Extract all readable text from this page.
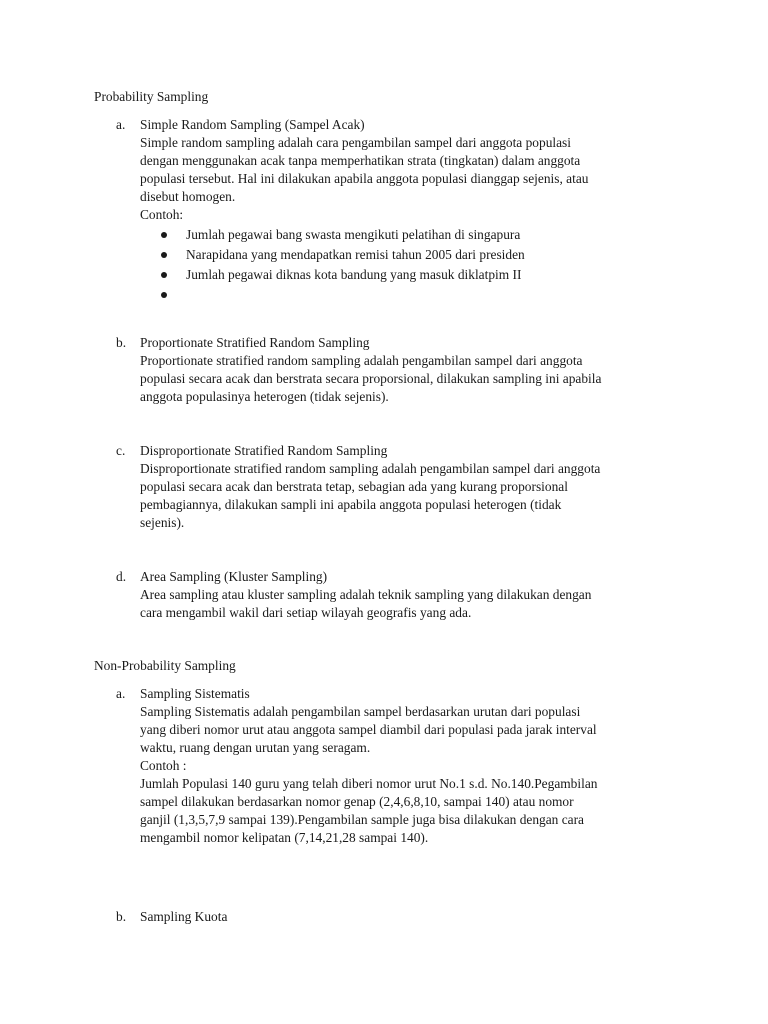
Probability Sampling
a. Simple Random Sampling (Sampel Acak)
Simple random sampling adalah cara pengambilan sampel dari anggota populasi
dengan menggunakan acak tanpa memperhatikan strata (tingkatan) dalam anggota
populasi tersebut. Hal ini dilakukan apabila anggota populasi dianggap sejenis, atau
disebut homogen.
Contoh:
Jumlah pegawai bang swasta mengikuti pelatihan di singapura
Narapidana yang mendapatkan remisi tahun 2005 dari presiden
Jumlah pegawai diknas kota bandung yang masuk diklatpim II
b. Proportionate Stratified Random Sampling
Proportionate stratified random sampling adalah pengambilan sampel dari anggota
populasi secara acak dan berstrata secara proporsional, dilakukan sampling ini apabila
anggota populasinya heterogen (tidak sejenis).
c. Disproportionate Stratified Random Sampling
Disproportionate stratified random sampling adalah pengambilan sampel dari anggota
populasi secara acak dan berstrata tetap, sebagian ada yang kurang proporsional
pembagiannya, dilakukan sampli ini apabila anggota populasi heterogen (tidak
sejenis).
d. Area Sampling (Kluster Sampling)
Area sampling atau kluster sampling adalah teknik sampling yang dilakukan dengan
cara mengambil wakil dari setiap wilayah geografis yang ada.
Non-Probability Sampling
a. Sampling Sistematis
Sampling Sistematis adalah pengambilan sampel berdasarkan urutan dari populasi
yang diberi nomor urut atau anggota sampel diambil dari populasi pada jarak interval
waktu, ruang dengan urutan yang seragam.
Contoh :
Jumlah Populasi 140 guru yang telah diberi nomor urut No.1 s.d. No.140.Pegambilan
sampel dilakukan berdasarkan nomor genap (2,4,6,8,10, sampai 140) atau nomor
ganjil (1,3,5,7,9 sampai 139).Pengambilan sample juga bisa dilakukan dengan cara
mengambil nomor kelipatan (7,14,21,28 sampai 140).
b. Sampling Kuota
